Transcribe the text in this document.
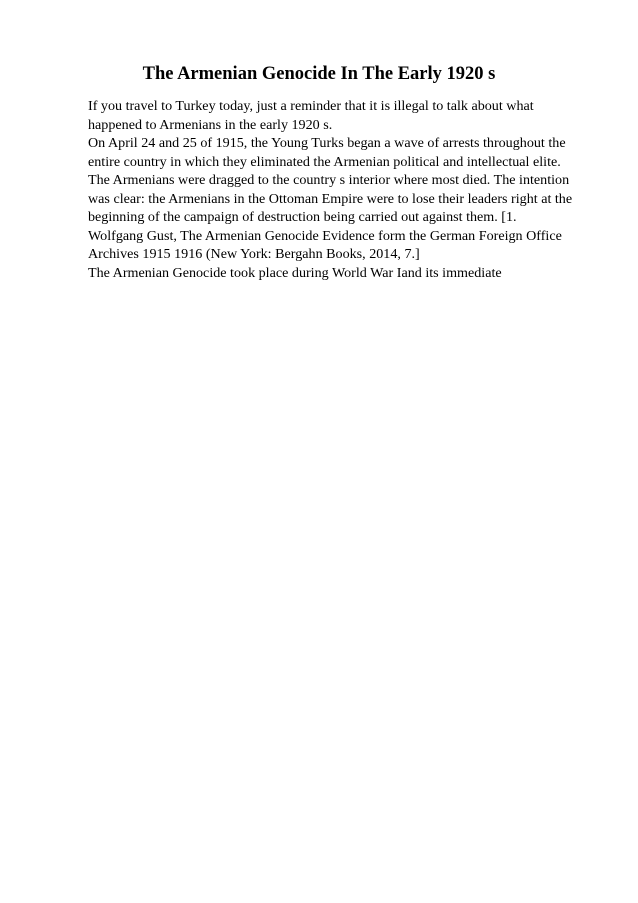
The Armenian Genocide In The Early 1920 s
If you travel to Turkey today, just a reminder that it is illegal to talk about what
happened to Armenians in the early 1920 s.
On April 24 and 25 of 1915, the Young Turks began a wave of arrests throughout the
entire country in which they eliminated the Armenian political and intellectual elite.
The Armenians were dragged to the country s interior where most died. The intention
was clear: the Armenians in the Ottoman Empire were to lose their leaders right at the
beginning of the campaign of destruction being carried out against them. [1.
Wolfgang Gust, The Armenian Genocide Evidence form the German Foreign Office
Archives 1915 1916 (New York: Bergahn Books, 2014, 7.]
The Armenian Genocide took place during World War Iand its immediate
